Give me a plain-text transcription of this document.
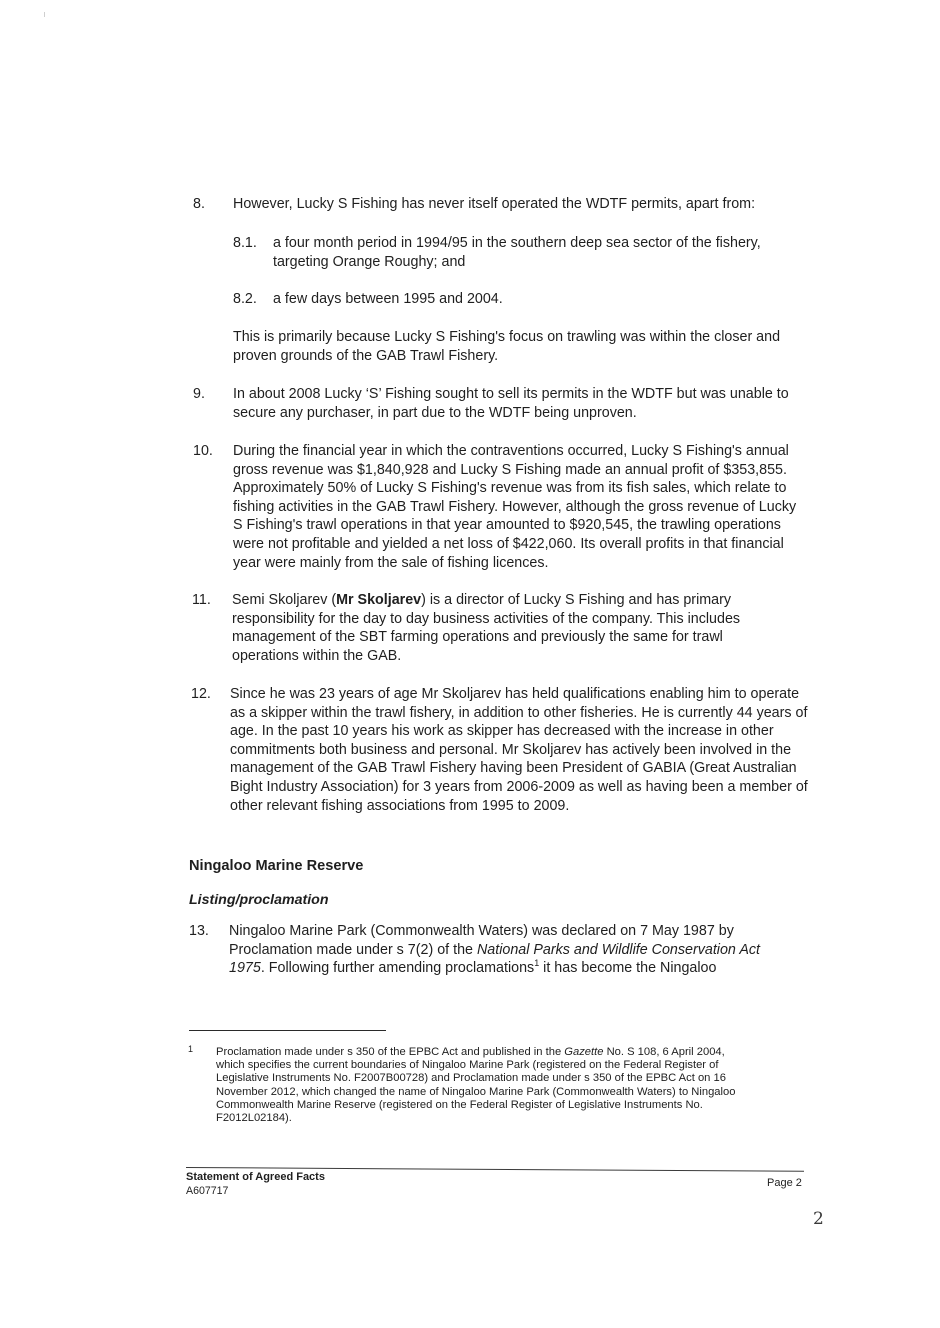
8. However, Lucky S Fishing has never itself operated the WDTF permits, apart from:
8.1. a four month period in 1994/95 in the southern deep sea sector of the fishery, targeting Orange Roughy; and
8.2. a few days between 1995 and 2004.
This is primarily because Lucky S Fishing's focus on trawling was within the closer and proven grounds of the GAB Trawl Fishery.
9. In about 2008 Lucky ‘S’ Fishing sought to sell its permits in the WDTF but was unable to secure any purchaser, in part due to the WDTF being unproven.
10. During the financial year in which the contraventions occurred, Lucky S Fishing's annual gross revenue was $1,840,928 and Lucky S Fishing made an annual profit of $353,855. Approximately 50% of Lucky S Fishing's revenue was from its fish sales, which relate to fishing activities in the GAB Trawl Fishery. However, although the gross revenue of Lucky S Fishing's trawl operations in that year amounted to $920,545, the trawling operations were not profitable and yielded a net loss of $422,060. Its overall profits in that financial year were mainly from the sale of fishing licences.
11. Semi Skoljarev (Mr Skoljarev) is a director of Lucky S Fishing and has primary responsibility for the day to day business activities of the company. This includes management of the SBT farming operations and previously the same for trawl operations within the GAB.
12. Since he was 23 years of age Mr Skoljarev has held qualifications enabling him to operate as a skipper within the trawl fishery, in addition to other fisheries. He is currently 44 years of age. In the past 10 years his work as skipper has decreased with the increase in other commitments both business and personal. Mr Skoljarev has actively been involved in the management of the GAB Trawl Fishery having been President of GABIA (Great Australian Bight Industry Association) for 3 years from 2006-2009 as well as having been a member of other relevant fishing associations from 1995 to 2009.
Ningaloo Marine Reserve
Listing/proclamation
13. Ningaloo Marine Park (Commonwealth Waters) was declared on 7 May 1987 by Proclamation made under s 7(2) of the National Parks and Wildlife Conservation Act 1975. Following further amending proclamations$^1$ it has become the Ningaloo
1 Proclamation made under s 350 of the EPBC Act and published in the Gazette No. S 108, 6 April 2004, which specifies the current boundaries of Ningaloo Marine Park (registered on the Federal Register of Legislative Instruments No. F2007B00728) and Proclamation made under s 350 of the EPBC Act on 16 November 2012, which changed the name of Ningaloo Marine Park (Commonwealth Waters) to Ningaloo Commonwealth Marine Reserve (registered on the Federal Register of Legislative Instruments No. F2012L02184).
Statement of Agreed Facts
A607717
Page 2
2
